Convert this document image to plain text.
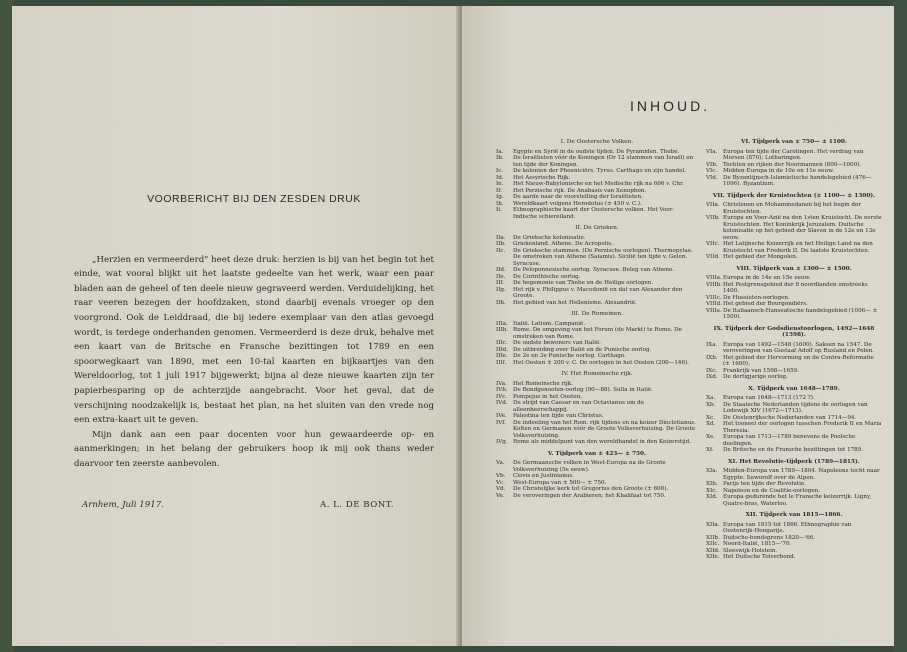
VOORBERICHT BIJ DEN ZESDEN DRUK

„Herzien en vermeerderd" heet deze druk: herzien is bij van het begin tot het einde, wat vooral blijkt uit het laatste gedeelte van het werk, waar een paar bladen aan de geheel of ten deele nieuw gegraveerd werden. Verduidelijking, het raar veeren bezegen der hoofdzaken, stond daarbij evenals vroeger op den voorgrond. Ook de Leiddraad, die bij iedere exemplaar van den atlas gevoegd wordt, is terdege onderhanden genomen. Vermeerderd is deze druk, behalve met een kaart van de Britsche en Fransche bezittingen tot 1789 en een spoorwegkaart van 1890, met een 10-tal kaarten en bijkaartjes van den Wereldoorlog, tot 1 juli 1917 bijgewerkt; bijna al deze nieuwe kaarten zijn ter papierbesparing op de achterzijde aangebracht. Voor het geval, dat de verschijning noodzakelijk is, bestaat het plan, na het sluiten van den vrede nog een extra-kaart uit te geven.

Mijn dank aan een paar docenten voor hun gewaardeerde op- en aanmerkingen; in het belang der gebruikers hoop ik mij ook thans weder daarvoor ten zeerste aanbevolen.

Arnhem, Juli 1917.	A. L. DE BONT.
INHOUD.
I. De Oostersche Volken.
Ia.	Egypte en Syrië in de oudste tijden. De Pyramiden. Thebe.
Ib.	De Israëlieten vóór de Koningen (Dr 12 stammen van Israël) en ten tijde der Koningen.
Ic.	De kolonien der Phoeniciërs. Tyrus. Carthago en zijn handel.
Id.	Het Assyrische Rijk.
Ie.	Het Nieuw-Babylonische en het Medische rijk na 606 v. Chr.
If.	Het Perzische rijk. De Anabasis van Xenophon.
Ig.	De aarde naar de voorstelling der Israëlieten.
Ih.	Wereldkaart volgens Herodotus (± 450 v. C.).
Ii.	Ethnographische kaart der Oostersche volken. Het Voor-Indische schiereiland.
II. De Grieken.
IIa.	De Grieksche kolonisatie.
IIb.	Griekenland. Athene. De Acropolis.
IIc.	De Grieksche stammen. (De Perzische oorlogen). Thermopylae. De omstreken van Athene (Salamis). Sicilië ten tijde v. Gelon. Syracuse.
IId.	De Peloponnesische oorlog. Syracuse. Beleg van Athene.
IIe.	De Corinthische oorlog.
IIf.	De hegemonie van Thebe en de Heilige oorlogen.
IIg.	Het rijk v. Philippus v. Macedonië en dat van Alexander den Groote.
IIh.	Het gebied van het Hellenisme. Alexandrië.
III. De Romeinen.
IIIa. Italië. Latium. Campanië.
IIIb. Rome. De omgeving van het Forum (de Markt) te Rome. De omstreken van Rome.
IIIc. De oudste bewoners van Italië.
IIId. De uitbreiding over Italië en de Punische oorlog.
IIIe. De 2e en 3e Punische oorlog. Carthago.
IIIf.	Het Oosten ± 200 v. C. De oorlogen in het Oosten (200—146).
IV. Het Romeinsche rijk.
IVa.	Het Romeinsche rijk.
IVb. De Bondgenooten-oorlog (90—88). Sulla in Italië.
IVc.	Pompejus in het Oosten.
IVd. De strijd van Caesar en van Octavianus om de alleenheerschappij.
IVe.	Palestina ten tijde van Christus.
IVf.	De indeeling van het Rom. rijk tijdens en na keizer Diocletianus. Kolten en Germanen vóór de Groote Volksverhuizing. De Groote Volksverhuizing.
IVg. Rome als middelpunt van den wereldhandel in den Keizerstijd.
V. Tijdperk van ± 423— ± 750.
Va.	De Germaansche volken in West-Europa na de Groote Volksverhuizing (5e eeuw).
Vb.	Clovis en Justinianus.
Vc.	West-Europa van ± 500— ± 750.
Vd.	De Christelijke kerk tot Gregorius den Groote (± 600).
Ve.	De veroveringen der Arabieren; het Khalifaat tot 750.
VI. Tijdperk van ± 750— ± 1100.
VIa.	Europa ten tijde der Carolingen. Het verdrag van Mersen (870); Lotharingen.
VIb. Tochten en rijken der Noormannen (800—1000).
VIc.	Midden-Europa in de 10e en 11e eeuw.
VId. De Byzantijnsch-Islamietische handelsgebied (476—1096). Byzantium.
VII. Tijdperk der Kruistochten (± 1100— ± 1300).
VIIa. Christenen en Mohammedanen bij het begin der Kruistochten.
VIIb. Europa en Voor-Azië na den 1sten Kruistocht. De eerste Kruistochten. Het Koninkrijk Jeruzalem. Duitsche kolonisatie op het gebied der Slaven in de 12e en 13e eeuw.
VIIc. Het Latijnsche Keizerrijk en het Heilige Land na den Kruistocht van Frederik II. De laatste Kruistochten.
VIId. Het gebied der Mongolen.
VIII. Tijdperk van ± 1300— ± 1500.
VIIIa. Europa in de 14e en 15e eeuw.
VIIIb. Het Pestgrensgebied der 8 noordlanden omstreeks 1400.
VIIIc. De Hussieten-oorlogen.
VIIId. Het gebied der Bourgondiërs.
VIIIe. De Italiaansch-Hanseatische handelsgebied (1096— ± 1500).
IX. Tijdperk der Godsdienstoorlogen, 1492—1648 (1598).
IXa.	Europa van 1492—1548 (1600). Saksen na 1547. De veroveringen van Gustaaf Adolf op Rusland en Polen.
IXb. Het gebied der Hervorming en de Contra-Reformatie (± 1600).
IXc.	Frankrijk van 1598—1659.
IXd. De dertigjarige oorlog.
X. Tijdperk van 1648—1789.
Xa.	Europa van 1648—1713 (172 ?).
Xb.	De Staatsche Nederlanden tijdens de oorlogen van Lodewijk XIV (1672—1713).
Xc.	De Oostenrijksche Nederlanden van 1714—94.
Xd.	Het tooneel der oorlogen tusschen Frederik II en Maria Theresia.
Xe.	Europa van 1713—1789 benevens de Poolsche deelingen.
Xf.	De Britsche en de Fransche bezittingen tot 1789.
XI. Het Revolutie-tijdperk (1789—1815).
XIa.	Midden-Europa van 1789—1804. Napoleons tocht naar Egypte. Suworoff over de Alpen.
XIb. Parijs ten tijde der Revolutie.
XIc.	Napoleon en de Coalitie-oorlogen.
XId. Europa gedurende het le Fransche keizerrijk. Ligny, Quatre-bras, Waterloo.
XII. Tijdperk van 1815—1866.
XIIa. Europa van 1815 tot 1866. Ethnographie van Oostenrijk-Hongarije.
XIIb. Duitsche-bondsgrens 1820—'66.
XIIc. Noord-Italië, 1815—'70.
XIId. Sleeswijk-Holstein.
XIIe. Het Duitsche Tolverbond.
